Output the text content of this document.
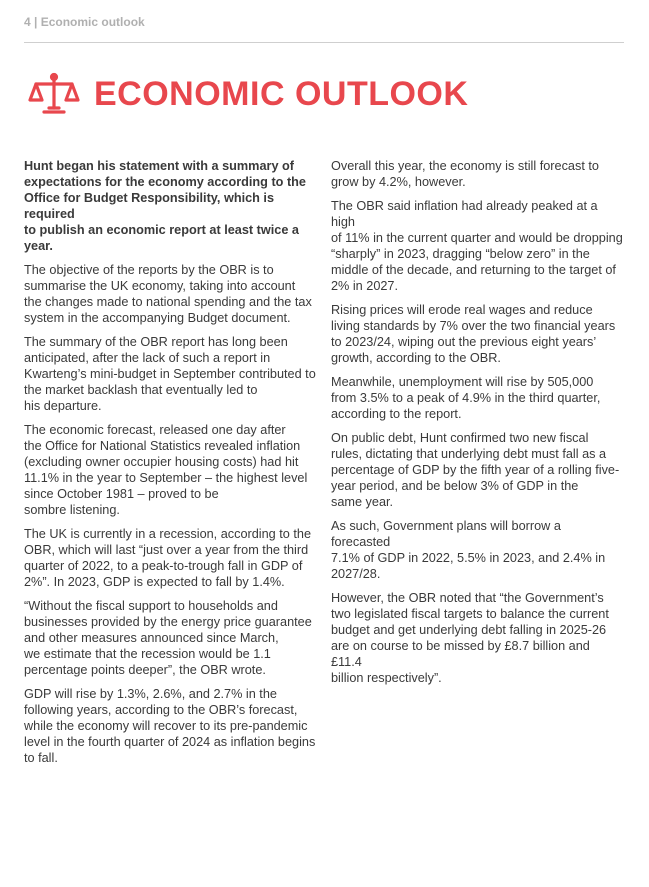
4 | Economic outlook
ECONOMIC OUTLOOK

Hunt began his statement with a summary of
expectations for the economy according to the
Office for Budget Responsibility, which is required
to publish an economic report at least twice a year.

The objective of the reports by the OBR is to
summarise the UK economy, taking into account
the changes made to national spending and the tax
system in the accompanying Budget document.

The summary of the OBR report has long been
anticipated, after the lack of such a report in
Kwarteng’s mini-budget in September contributed to
the market backlash that eventually led to
his departure.

The economic forecast, released one day after
the Office for National Statistics revealed inflation
(excluding owner occupier housing costs) had hit
11.1% in the year to September – the highest level
since October 1981 – proved to be
sombre listening.

The UK is currently in a recession, according to the
OBR, which will last “just over a year from the third
quarter of 2022, to a peak-to-trough fall in GDP of
2%”. In 2023, GDP is expected to fall by 1.4%.

“Without the fiscal support to households and
businesses provided by the energy price guarantee
and other measures announced since March,
we estimate that the recession would be 1.1
percentage points deeper”, the OBR wrote.

GDP will rise by 1.3%, 2.6%, and 2.7% in the
following years, according to the OBR’s forecast,
while the economy will recover to its pre-pandemic
level in the fourth quarter of 2024 as inflation begins
to fall.

Overall this year, the economy is still forecast to
grow by 4.2%, however.

The OBR said inflation had already peaked at a high
of 11% in the current quarter and would be dropping
“sharply” in 2023, dragging “below zero” in the
middle of the decade, and returning to the target of
2% in 2027.

Rising prices will erode real wages and reduce
living standards by 7% over the two financial years
to 2023/24, wiping out the previous eight years’
growth, according to the OBR.

Meanwhile, unemployment will rise by 505,000
from 3.5% to a peak of 4.9% in the third quarter,
according to the report.

On public debt, Hunt confirmed two new fiscal
rules, dictating that underlying debt must fall as a
percentage of GDP by the fifth year of a rolling five-
year period, and be below 3% of GDP in the
same year.

As such, Government plans will borrow a forecasted
7.1% of GDP in 2022, 5.5% in 2023, and 2.4% in
2027/28.

However, the OBR noted that “the Government’s
two legislated fiscal targets to balance the current
budget and get underlying debt falling in 2025-26
are on course to be missed by £8.7 billion and £11.4
billion respectively”.
